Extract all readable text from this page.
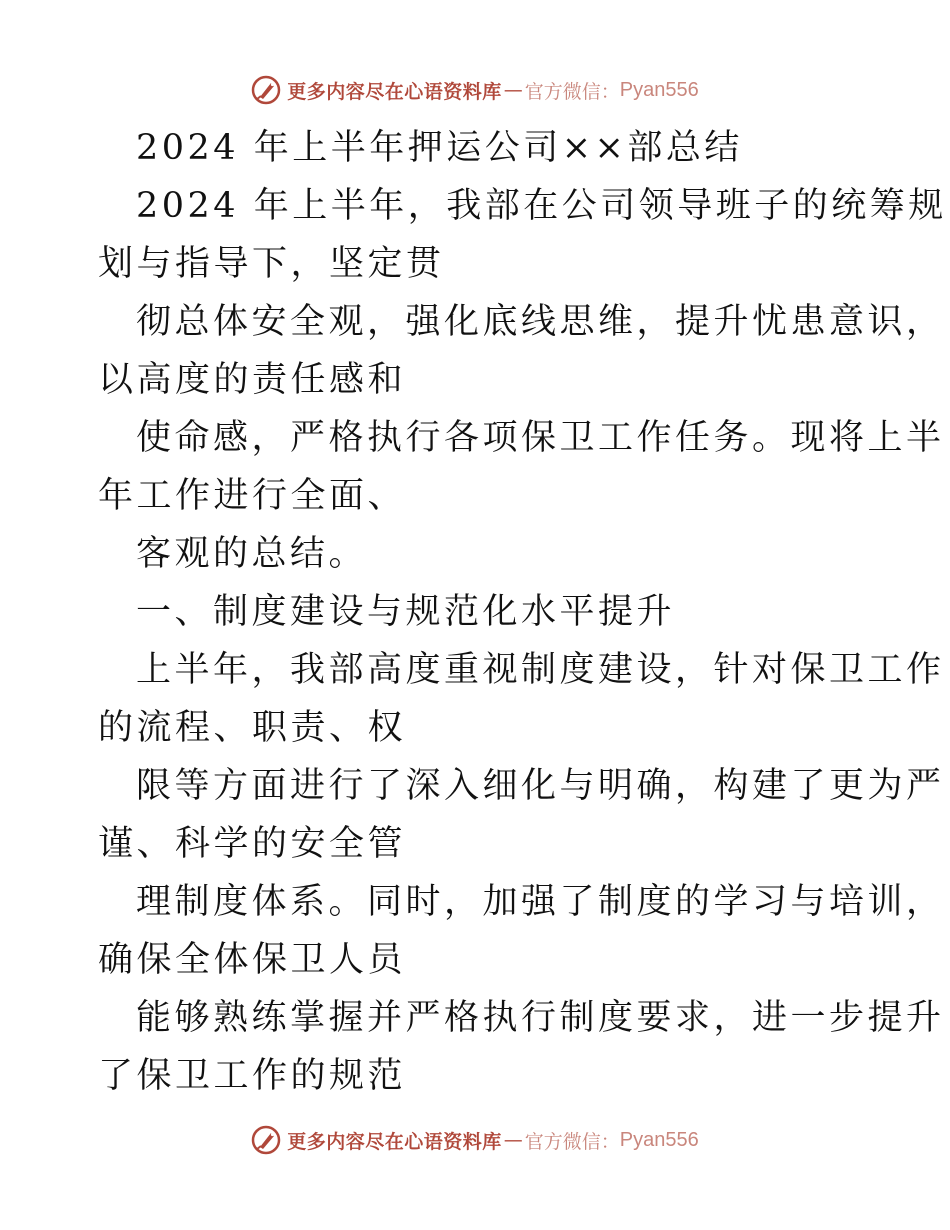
更多内容尽在心语资料库 — 官方微信： Pyan556
2024 年上半年押运公司××部总结
2024 年上半年，我部在公司领导班子的统筹规
划与指导下，坚定贯
彻总体安全观，强化底线思维，提升忧患意识，
以高度的责任感和
使命感，严格执行各项保卫工作任务。现将上半
年工作进行全面、
客观的总结。
一、制度建设与规范化水平提升
上半年，我部高度重视制度建设，针对保卫工作
的流程、职责、权
限等方面进行了深入细化与明确，构建了更为严
谨、科学的安全管
理制度体系。同时，加强了制度的学习与培训，
确保全体保卫人员
能够熟练掌握并严格执行制度要求，进一步提升
了保卫工作的规范
更多内容尽在心语资料库 — 官方微信： Pyan556
